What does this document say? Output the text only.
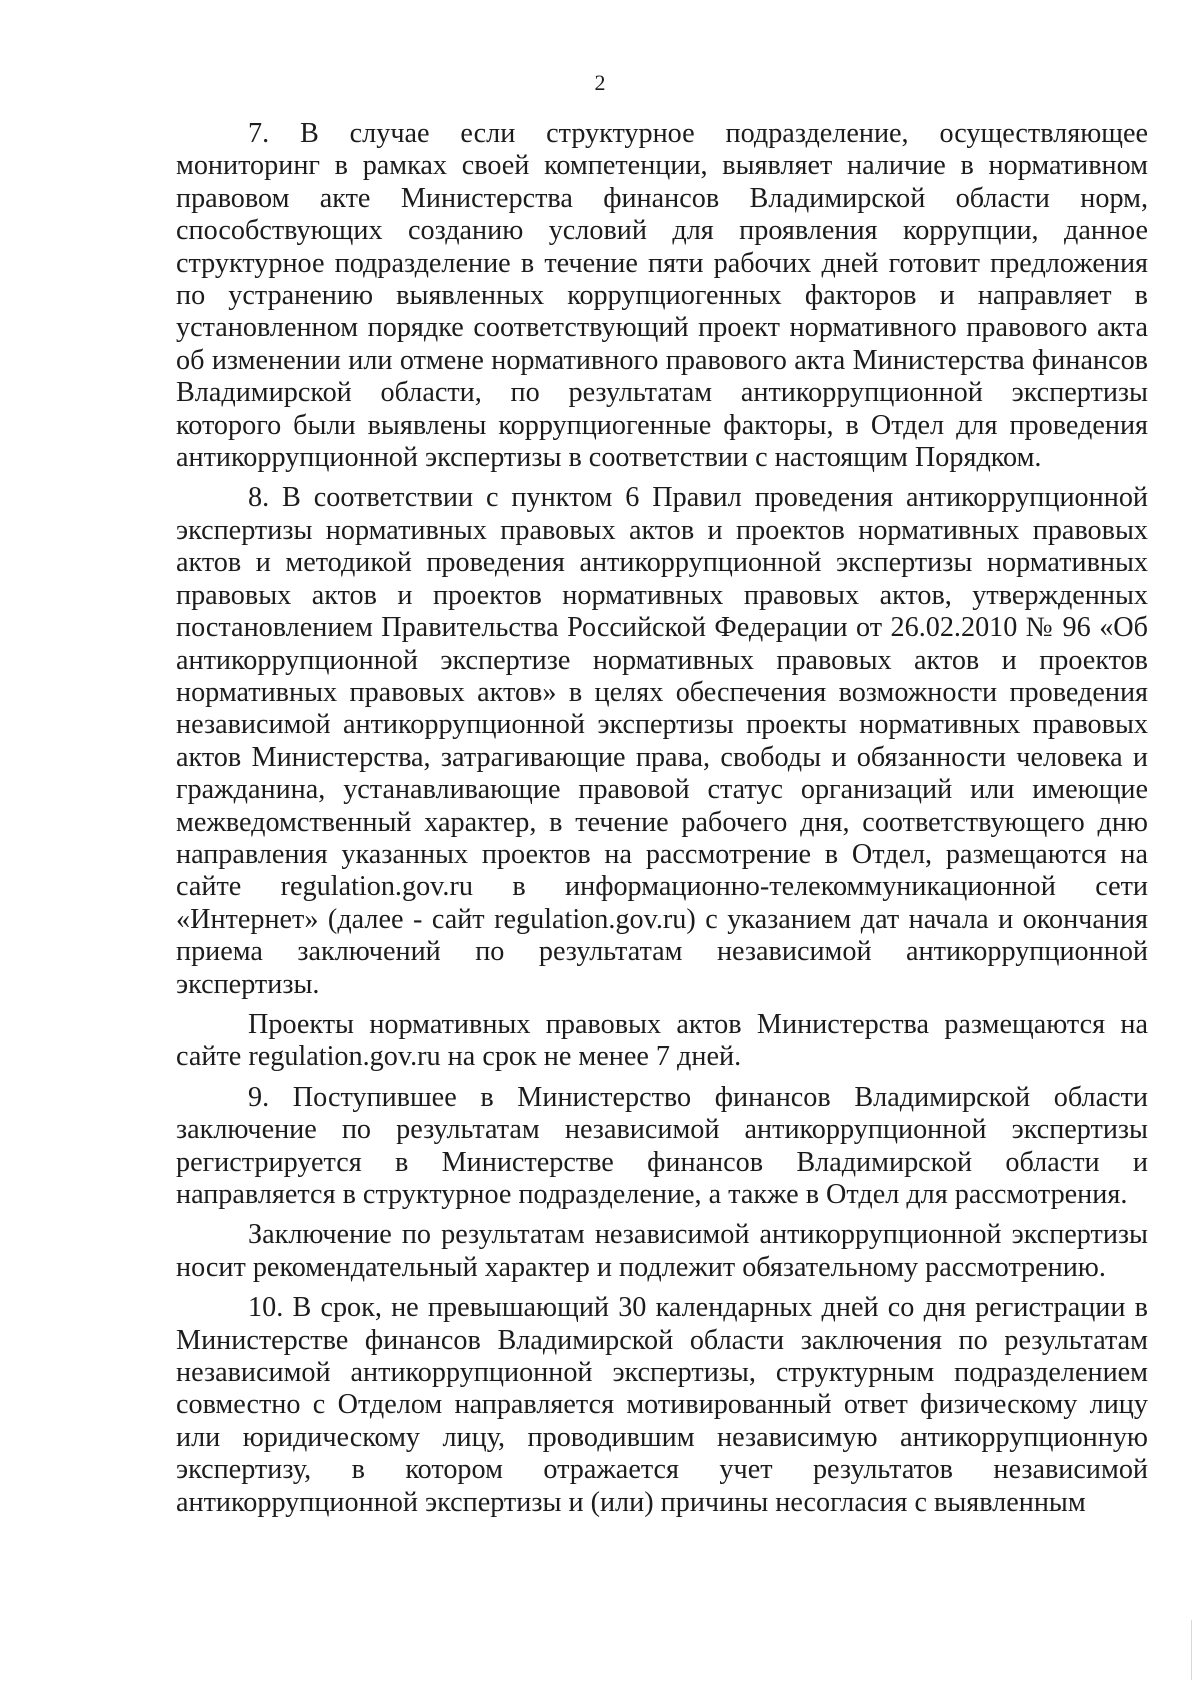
2

7. В случае если структурное подразделение, осуществляющее мониторинг в рамках своей компетенции, выявляет наличие в нормативном правовом акте Министерства финансов Владимирской области норм, способствующих созданию условий для проявления коррупции, данное структурное подразделение в течение пяти рабочих дней готовит предложения по устранению выявленных коррупциогенных факторов и направляет в установленном порядке соответствующий проект нормативного правового акта об изменении или отмене нормативного правового акта Министерства финансов Владимирской области, по результатам антикоррупционной экспертизы которого были выявлены коррупциогенные факторы, в Отдел для проведения антикоррупционной экспертизы в соответствии с настоящим Порядком.

8. В соответствии с пунктом 6 Правил проведения антикоррупционной экспертизы нормативных правовых актов и проектов нормативных правовых актов и методикой проведения антикоррупционной экспертизы нормативных правовых актов и проектов нормативных правовых актов, утвержденных постановлением Правительства Российской Федерации от 26.02.2010 № 96 «Об антикоррупционной экспертизе нормативных правовых актов и проектов нормативных правовых актов» в целях обеспечения возможности проведения независимой антикоррупционной экспертизы проекты нормативных правовых актов Министерства, затрагивающие права, свободы и обязанности человека и гражданина, устанавливающие правовой статус организаций или имеющие межведомственный характер, в течение рабочего дня, соответствующего дню направления указанных проектов на рассмотрение в Отдел, размещаются на сайте regulation.gov.ru в информационно-телекоммуникационной сети «Интернет» (далее - сайт regulation.gov.ru) с указанием дат начала и окончания приема заключений по результатам независимой антикоррупционной экспертизы.

Проекты нормативных правовых актов Министерства размещаются на сайте regulation.gov.ru на срок не менее 7 дней.

9. Поступившее в Министерство финансов Владимирской области заключение по результатам независимой антикоррупционной экспертизы регистрируется в Министерстве финансов Владимирской области и направляется в структурное подразделение, а также в Отдел для рассмотрения.

Заключение по результатам независимой антикоррупционной экспертизы носит рекомендательный характер и подлежит обязательному рассмотрению.

10. В срок, не превышающий 30 календарных дней со дня регистрации в Министерстве финансов Владимирской области заключения по результатам независимой антикоррупционной экспертизы, структурным подразделением совместно с Отделом направляется мотивированный ответ физическому лицу или юридическому лицу, проводившим независимую антикоррупционную экспертизу, в котором отражается учет результатов независимой антикоррупционной экспертизы и (или) причины несогласия с выявленным
